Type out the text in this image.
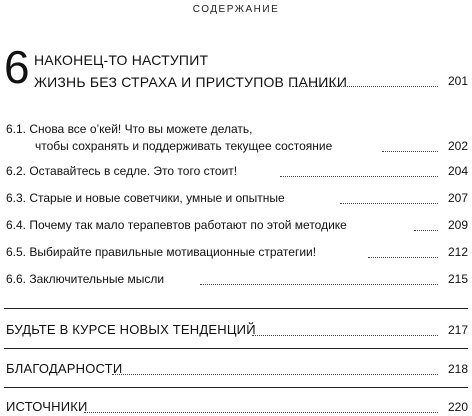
СОДЕРЖАНИЕ
6 НАКОНЕЦ-ТО НАСТУПИТ
ЖИЗНЬ БЕЗ СТРАХА И ПРИСТУПОВ ПАНИКИ	201
6.1. Снова все о’кей! Что вы можете делать,
чтобы сохранять и поддерживать текущее состояние	202
6.2. Оставайтесь в седле. Это того стоит!	204
6.3. Старые и новые советчики, умные и опытные	207
6.4. Почему так мало терапевтов работают по этой методике	209
6.5. Выбирайте правильные мотивационные стратегии!	212
6.6. Заключительные мысли	215
БУДЬТЕ В КУРСЕ НОВЫХ ТЕНДЕНЦИЙ	217
БЛАГОДАРНОСТИ	218
ИСТОЧНИКИ	220
